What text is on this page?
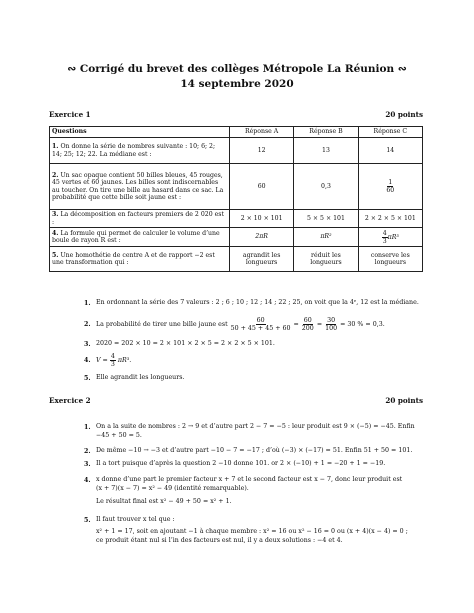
∾ Corrigé du brevet des collèges Métropole La Réunion ∾
14 septembre 2020
Exercice 1	20 points
Questions	Réponse A	Réponse B	Réponse C
1. On donne la série de nombres suivante : 10; 6; 2; 14; 25; 12; 22. La médiane est :	12	13	14
2. Un sac opaque contient 50 billes bleues, 45 rouges, 45 vertes et 60 jaunes. Les billes sont indiscernables au toucher. On tire une bille au hasard dans ce sac. La probabilité que cette bille soit jaune est :	60	0,3	$\frac{1}{60}$

3. La décomposition en facteurs premiers de 2 020 est :	2 × 10 × 101	5 × 5 × 101	2 × 2 × 5 × 101
4. La formule qui permet de calculer le volume d’une boule de rayon R est :	2πR	πR²	$\frac{4}{3} \pi R^3$
5. Une homothétie de centre A et de rapport −2 est une transformation qui :	agrandit les longueurs	réduit les longueurs	conserve les longueurs
1. En ordonnant la série des 7 valeurs : 2 ; 6 ; 10 ; 12 ; 14 ; 22 ; 25, on voit que la 4ᵉ, 12 est la médiane.
2. La probabilité de tirer une bille jaune est $\frac{60}{50 + 45 + 45 + 60} = \frac{60}{200} = \frac{30}{100} = 30$ % = 0,3.
3. 2020 = 202 × 10 = 2 × 101 × 2 × 5 = 2 × 2 × 5 × 101.
4. $V = \frac{4}{3} \pi R^3$.
5. Elle agrandit les longueurs.
Exercice 2	20 points
1. On a la suite de nombres : 2 → 9 et d’autre part 2 − 7 = −5 : leur produit est 9 × (−5) = −45. Enfin
−45 + 50 = 5.
2. De même −10 → −3 et d’autre part −10 − 7 = −17 ; d’où (−3) × (−17) = 51. Enfin 51 + 50 = 101.
3. Il a tort puisque d’après la question 2 −10 donne 101. or 2 × (−10) + 1 = −20 + 1 = −19.
4. x donne d’une part le premier facteur x + 7 et le second facteur est x − 7, donc leur produit est
(x + 7)(x − 7) = x² − 49 (identité remarquable).
Le résultat final est x² − 49 + 50 = x² + 1.
5. Il faut trouver x tel que :
x² + 1 = 17, soit en ajoutant −1 à chaque membre : x² = 16 ou x² − 16 = 0 ou (x + 4)(x − 4) = 0 ;
ce produit étant nul si l’in des facteurs est nul, il y a deux solutions : −4 et 4.
